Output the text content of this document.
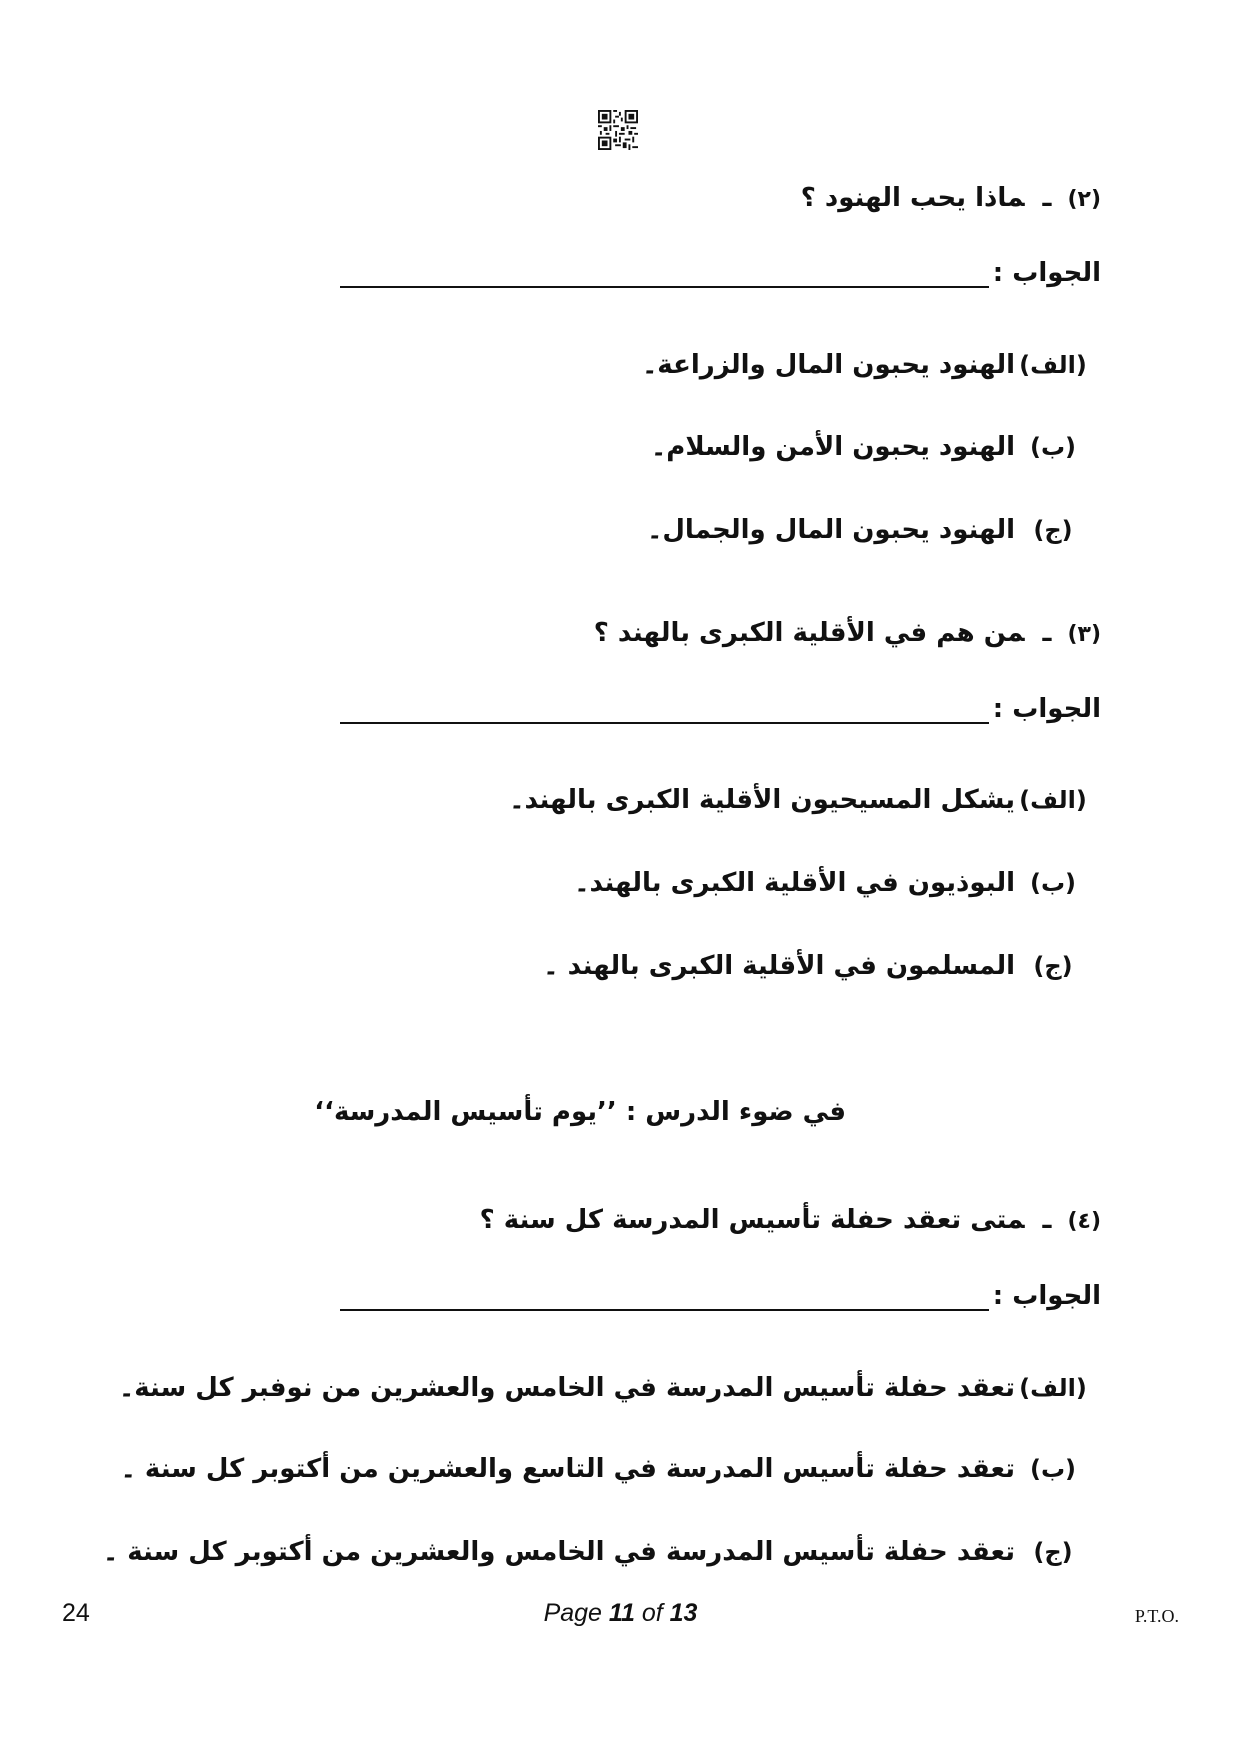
(٢)ـماذا يحب الهنود ؟
الجواب :
(الف)الهنود يحبون المال والزراعة۔
(ب)الهنود يحبون الأمن والسلام۔
(ج)الهنود يحبون المال والجمال۔
(٣)ـمن هم في الأقلية الكبرى بالهند ؟
الجواب :
(الف)يشكل المسيحيون الأقلية الكبرى بالهند۔
(ب)البوذيون في الأقلية الكبرى بالهند۔
(ج)المسلمون في الأقلية الكبرى بالهند ۔
في ضوء الدرس : ’’يوم تأسيس المدرسة‘‘
(٤)ـمتى تعقد حفلة تأسيس المدرسة كل سنة ؟
الجواب :
(الف)تعقد حفلة تأسيس المدرسة في الخامس والعشرين من نوفبر كل سنة۔
(ب)تعقد حفلة تأسيس المدرسة في التاسع والعشرين من أكتوبر كل سنة ۔
(ج)تعقد حفلة تأسيس المدرسة في الخامس والعشرين من أكتوبر كل سنة ۔
24	Page 11 of 13	P.T.O.
